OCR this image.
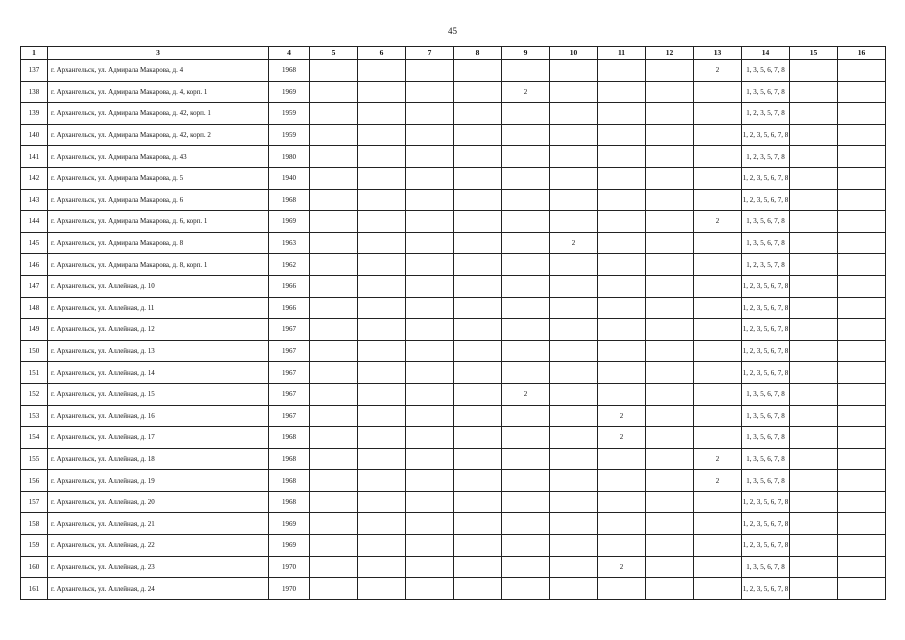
45
1	3	4	5	6	7	8	9	10	11	12	13	14	15	16
137	г. Архангельск, ул. Адмирала Макарова, д. 4	1968									2	1, 3, 5, 6, 7, 8		
138	г. Архангельск, ул. Адмирала Макарова, д. 4, корп. 1	1969					2					1, 3, 5, 6, 7, 8		
139	г. Архангельск, ул. Адмирала Макарова, д. 42, корп. 1	1959										1, 2, 3, 5, 7, 8		
140	г. Архангельск, ул. Адмирала Макарова, д. 42, корп. 2	1959										1, 2, 3, 5, 6, 7, 8		
141	г. Архангельск, ул. Адмирала Макарова, д. 43	1980										1, 2, 3, 5, 7, 8		
142	г. Архангельск, ул. Адмирала Макарова, д. 5	1940										1, 2, 3, 5, 6, 7, 8		
143	г. Архангельск, ул. Адмирала Макарова, д. 6	1968										1, 2, 3, 5, 6, 7, 8		
144	г. Архангельск, ул. Адмирала Макарова, д. 6, корп. 1	1969									2	1, 3, 5, 6, 7, 8		
145	г. Архангельск, ул. Адмирала Макарова, д. 8	1963						2				1, 3, 5, 6, 7, 8		
146	г. Архангельск, ул. Адмирала Макарова, д. 8, корп. 1	1962										1, 2, 3, 5, 7, 8		
147	г. Архангельск, ул. Аллейная, д. 10	1966										1, 2, 3, 5, 6, 7, 8		
148	г. Архангельск, ул. Аллейная, д. 11	1966										1, 2, 3, 5, 6, 7, 8		
149	г. Архангельск, ул. Аллейная, д. 12	1967										1, 2, 3, 5, 6, 7, 8		
150	г. Архангельск, ул. Аллейная, д. 13	1967										1, 2, 3, 5, 6, 7, 8		
151	г. Архангельск, ул. Аллейная, д. 14	1967										1, 2, 3, 5, 6, 7, 8		
152	г. Архангельск, ул. Аллейная, д. 15	1967					2					1, 3, 5, 6, 7, 8		
153	г. Архангельск, ул. Аллейная, д. 16	1967							2			1, 3, 5, 6, 7, 8		
154	г. Архангельск, ул. Аллейная, д. 17	1968							2			1, 3, 5, 6, 7, 8		
155	г. Архангельск, ул. Аллейная, д. 18	1968									2	1, 3, 5, 6, 7, 8		
156	г. Архангельск, ул. Аллейная, д. 19	1968									2	1, 3, 5, 6, 7, 8		
157	г. Архангельск, ул. Аллейная, д. 20	1968										1, 2, 3, 5, 6, 7, 8		
158	г. Архангельск, ул. Аллейная, д. 21	1969										1, 2, 3, 5, 6, 7, 8		
159	г. Архангельск, ул. Аллейная, д. 22	1969										1, 2, 3, 5, 6, 7, 8		
160	г. Архангельск, ул. Аллейная, д. 23	1970							2			1, 3, 5, 6, 7, 8		
161	г. Архангельск, ул. Аллейная, д. 24	1970										1, 2, 3, 5, 6, 7, 8		
